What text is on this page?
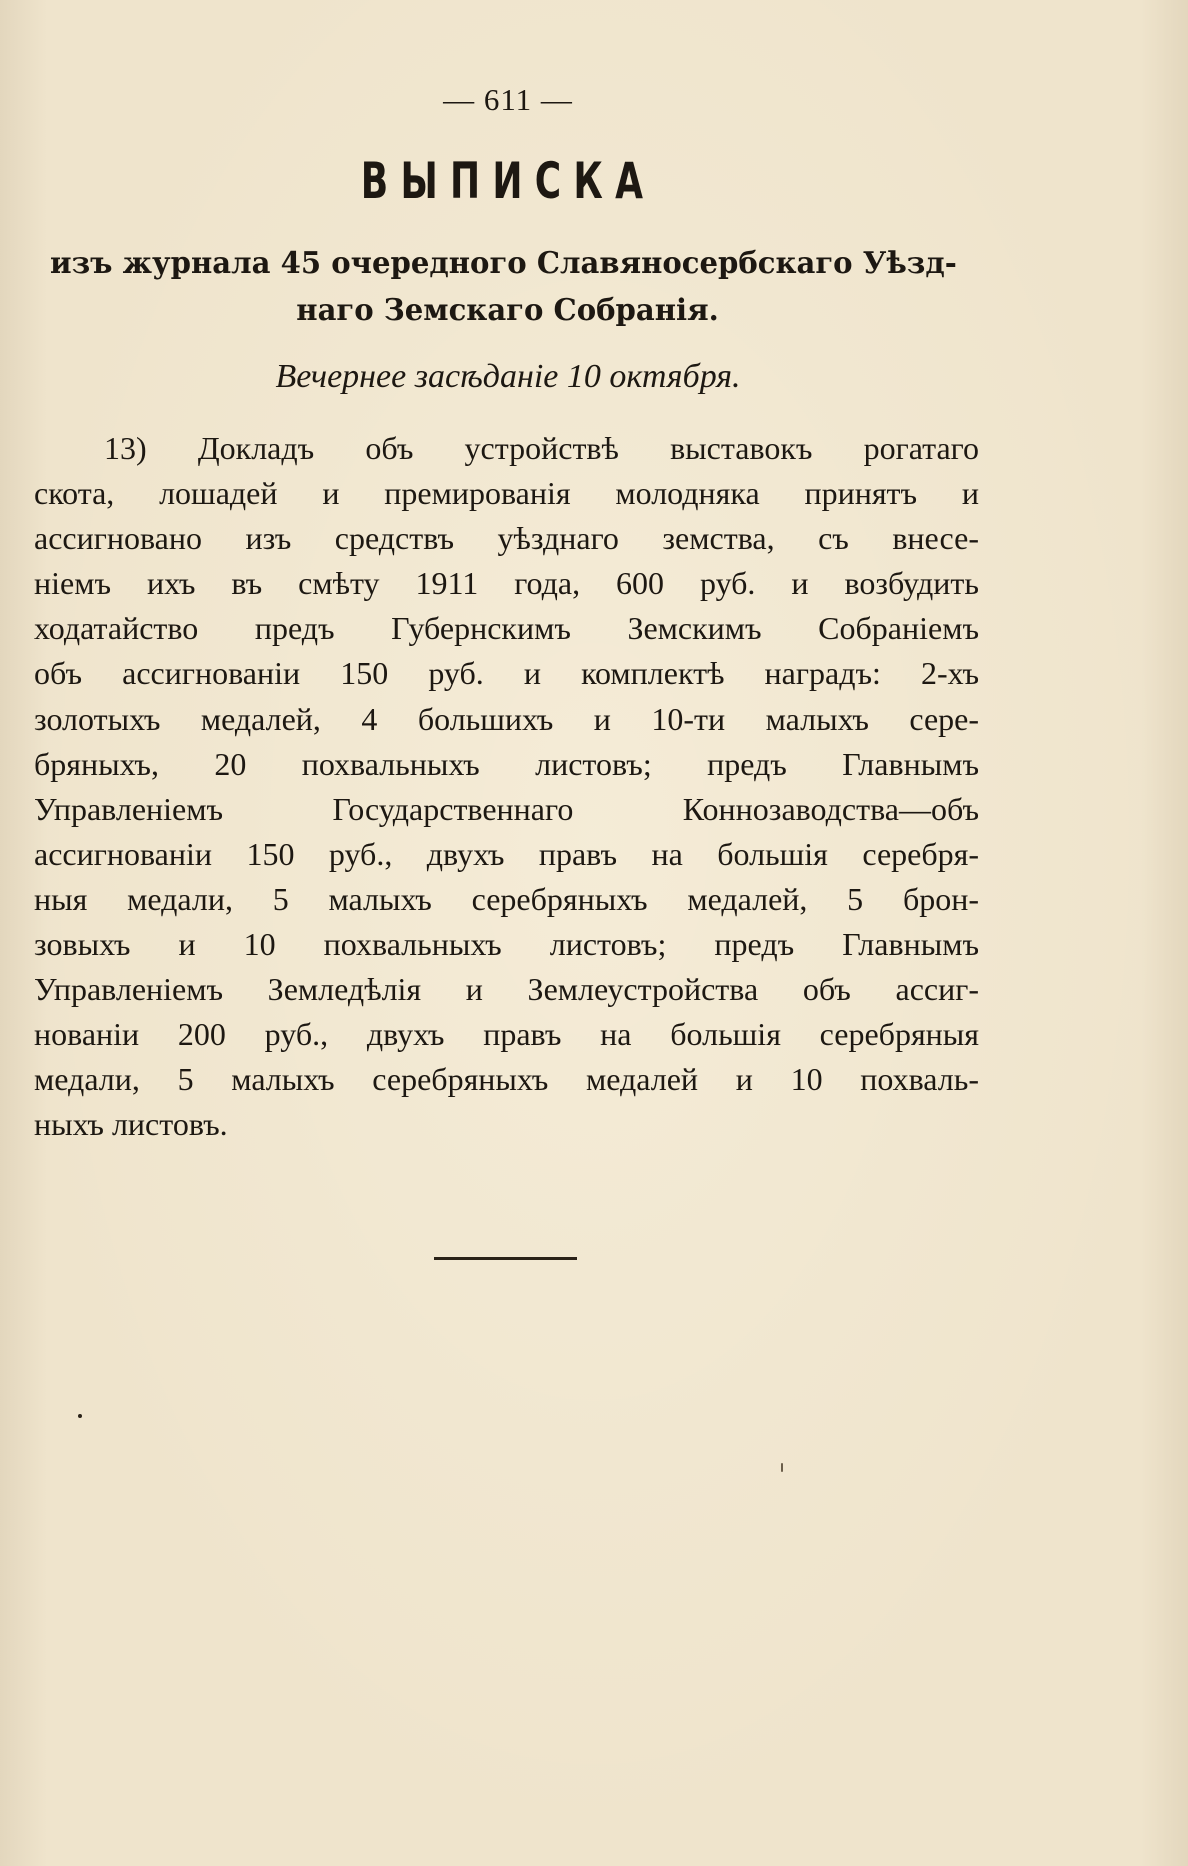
— 611 —
ВЫПИСКА
изъ журнала 45 очередного Славяносербскаго Уѣзд-
наго Земскаго Собранія.
Вечернее засѣданіе 10 октября.
13) Докладъ объ устройствѣ выставокъ рогатаго
скота, лошадей и премированія молодняка принятъ и
ассигновано изъ средствъ уѣзднаго земства, съ внесе-
ніемъ ихъ въ смѣту 1911 года, 600 руб. и возбудить
ходатайство предъ Губернскимъ Земскимъ Собраніемъ
объ ассигнованіи 150 руб. и комплектѣ наградъ: 2-хъ
золотыхъ медалей, 4 большихъ и 10-ти малыхъ сере-
бряныхъ, 20 похвальныхъ листовъ; предъ Главнымъ
Управленіемъ Государственнаго Коннозаводства—объ
ассигнованіи 150 руб., двухъ правъ на большія серебря-
ныя медали, 5 малыхъ серебряныхъ медалей, 5 брон-
зовыхъ и 10 похвальныхъ листовъ; предъ Главнымъ
Управленіемъ Земледѣлія и Землеустройства объ ассиг-
нованіи 200 руб., двухъ правъ на большія серебряныя
медали, 5 малыхъ серебряныхъ медалей и 10 похваль-
ныхъ листовъ.
